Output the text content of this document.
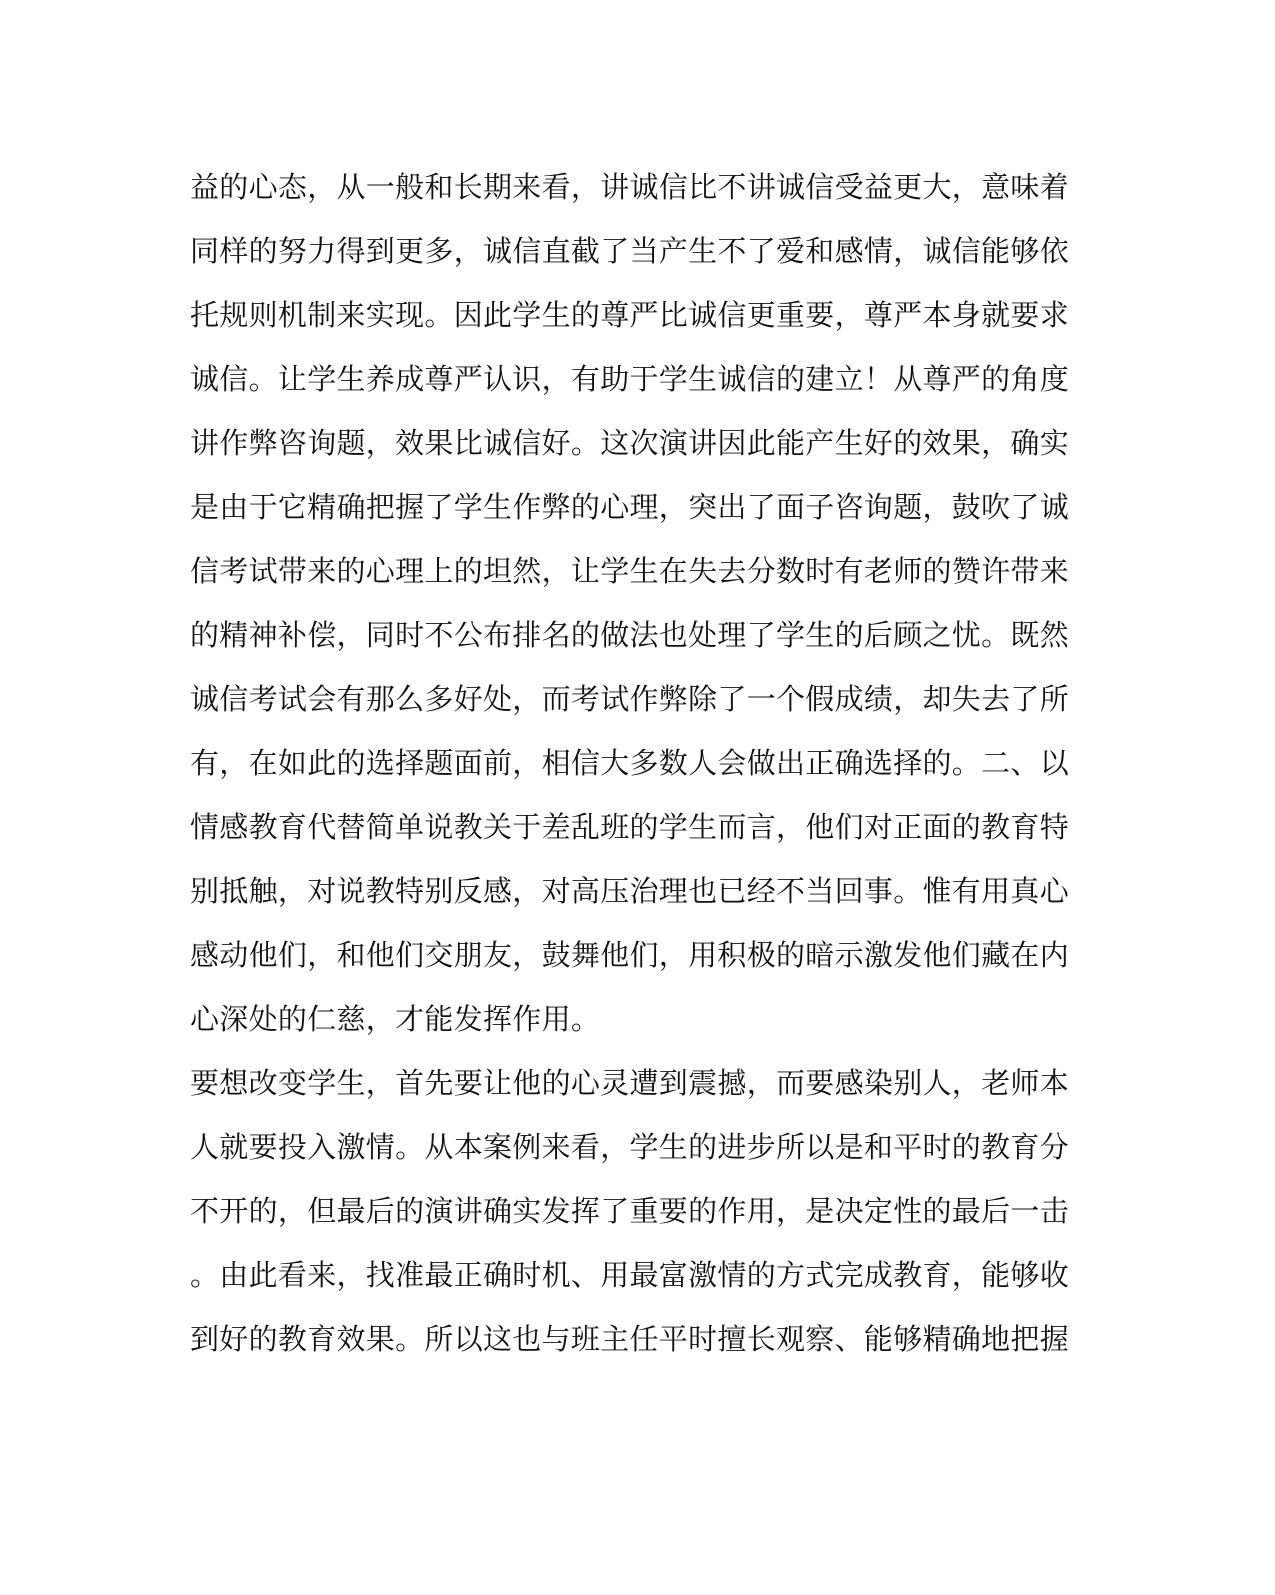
益的心态，从一般和长期来看，讲诚信比不讲诚信受益更大，意味着
同样的努力得到更多，诚信直截了当产生不了爱和感情，诚信能够依
托规则机制来实现。因此学生的尊严比诚信更重要，尊严本身就要求
诚信。让学生养成尊严认识，有助于学生诚信的建立！从尊严的角度
讲作弊咨询题，效果比诚信好。这次演讲因此能产生好的效果，确实
是由于它精确把握了学生作弊的心理，突出了面子咨询题，鼓吹了诚
信考试带来的心理上的坦然，让学生在失去分数时有老师的赞许带来
的精神补偿，同时不公布排名的做法也处理了学生的后顾之忧。既然
诚信考试会有那么多好处，而考试作弊除了一个假成绩，却失去了所
有，在如此的选择题面前，相信大多数人会做出正确选择的。二、以
情感教育代替简单说教关于差乱班的学生而言，他们对正面的教育特
别抵触，对说教特别反感，对高压治理也已经不当回事。惟有用真心
感动他们，和他们交朋友，鼓舞他们，用积极的暗示激发他们藏在内
心深处的仁慈，才能发挥作用。
要想改变学生，首先要让他的心灵遭到震撼，而要感染别人，老师本
人就要投入激情。从本案例来看，学生的进步所以是和平时的教育分
不开的，但最后的演讲确实发挥了重要的作用，是决定性的最后一击
。由此看来，找准最正确时机、用最富激情的方式完成教育，能够收
到好的教育效果。所以这也与班主任平时擅长观察、能够精确地把握
